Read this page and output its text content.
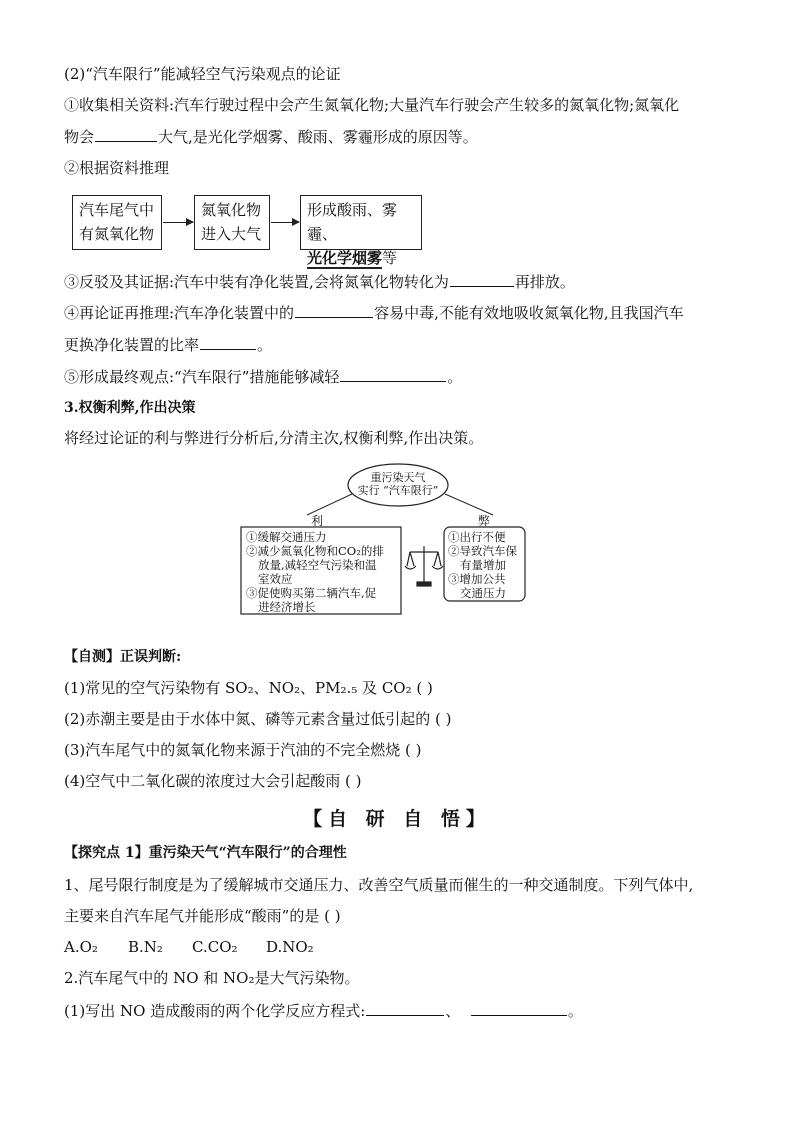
(2)“汽车限行”能减轻空气污染观点的论证
①收集相关资料:汽车行驶过程中会产生氮氧化物;大量汽车行驶会产生较多的氮氧化物;氮氧化
物会	大气,是光化学烟雾、酸雨、雾霾形成的原因等。
②根据资料推理
汽车尾气中
有氮氧化物
氮氧化物
进入大气
形成酸雨、雾霾、
光化学烟雾等
③反驳及其证据:汽车中装有净化装置,会将氮氧化物转化为	再排放。
④再论证再推理:汽车净化装置中的	容易中毒,不能有效地吸收氮氧化物,且我国汽车
更换净化装置的比率	。
⑤形成最终观点:“汽车限行”措施能够减轻	。
3.权衡利弊,作出决策
将经过论证的利与弊进行分析后,分清主次,权衡利弊,作出决策。
重污染天气
实行 “汽车限行”
利	弊
①缓解交通压力
②减少氮氧化物和CO₂的排
放量,减轻空气污染和温
室效应
③促使购买第二辆汽车,促
进经济增长
①出行不便
②导致汽车保
有量增加
③增加公共
交通压力
【自测】正误判断:
(1)常见的空气污染物有 SO₂、NO₂、PM₂.₅ 及 CO₂ ( )
(2)赤潮主要是由于水体中氮、磷等元素含量过低引起的 ( )
(3)汽车尾气中的氮氧化物来源于汽油的不完全燃烧 ( )
(4)空气中二氧化碳的浓度过大会引起酸雨 ( )
【自 研 自 悟】
【探究点 1】重污染天气“汽车限行”的合理性
1、尾号限行制度是为了缓解城市交通压力、改善空气质量而催生的一种交通制度。下列气体中,
主要来自汽车尾气并能形成“酸雨”的是 ( )
A.O₂ B.N₂ C.CO₂ D.NO₂
2.汽车尾气中的 NO 和 NO₂是大气污染物。
(1)写出 NO 造成酸雨的两个化学反应方程式:	、	。
